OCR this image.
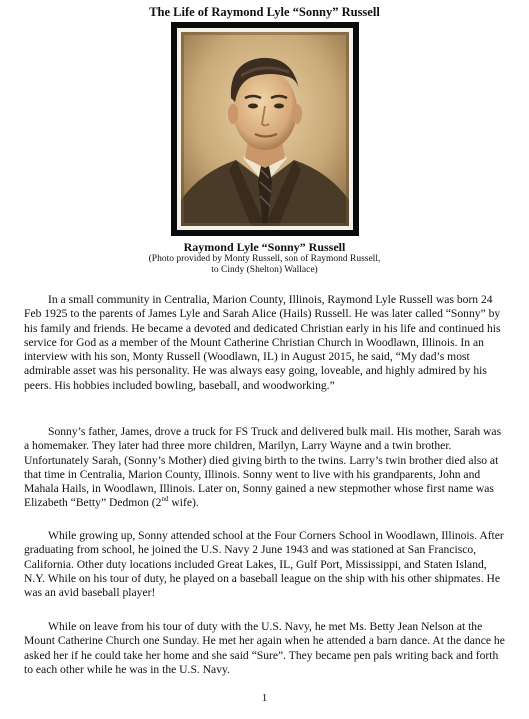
The Life of Raymond Lyle “Sonny” Russell
Raymond Lyle “Sonny” Russell
(Photo provided by Monty Russell, son of Raymond Russell,
to Cindy (Shelton) Wallace)

In a small community in Centralia, Marion County, Illinois, Raymond Lyle Russell was born 24 Feb 1925 to the parents of James Lyle and Sarah Alice (Hails) Russell. He was later called “Sonny” by his family and friends. He became a devoted and dedicated Christian early in his life and continued his service for God as a member of the Mount Catherine Christian Church in Woodlawn, Illinois. In an interview with his son, Monty Russell (Woodlawn, IL) in August 2015, he said, “My dad’s most admirable asset was his personality. He was always easy going, loveable, and highly admired by his peers. His hobbies included bowling, baseball, and woodworking.”

Sonny’s father, James, drove a truck for FS Truck and delivered bulk mail. His mother, Sarah was a homemaker. They later had three more children, Marilyn, Larry Wayne and a twin brother. Unfortunately Sarah, (Sonny’s Mother) died giving birth to the twins. Larry’s twin brother died also at that time in Centralia, Marion County, Illinois. Sonny went to live with his grandparents, John and Mahala Hails, in Woodlawn, Illinois. Later on, Sonny gained a new stepmother whose first name was Elizabeth “Betty” Dedmon (2nd wife).

While growing up, Sonny attended school at the Four Corners School in Woodlawn, Illinois. After graduating from school, he joined the U.S. Navy 2 June 1943 and was stationed at San Francisco, California. Other duty locations included Great Lakes, IL, Gulf Port, Mississippi, and Staten Island, N.Y. While on his tour of duty, he played on a baseball league on the ship with his other shipmates. He was an avid baseball player!

While on leave from his tour of duty with the U.S. Navy, he met Ms. Betty Jean Nelson at the Mount Catherine Church one Sunday. He met her again when he attended a barn dance. At the dance he asked her if he could take her home and she said “Sure”. They became pen pals writing back and forth to each other while he was in the U.S. Navy.

1
